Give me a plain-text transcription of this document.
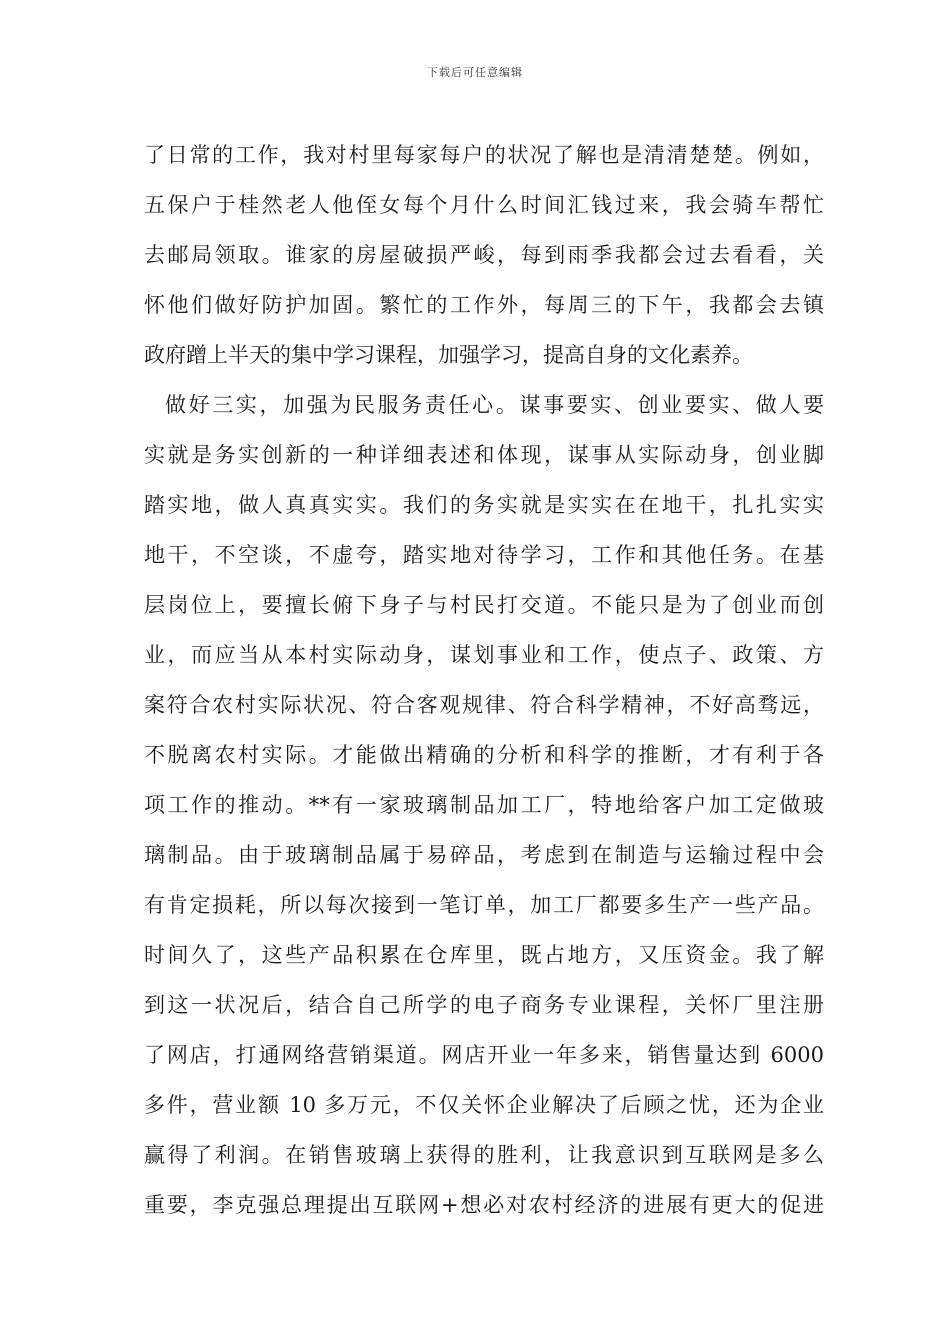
下载后可任意编辑
了日常的工作，我对村里每家每户的状况了解也是清清楚楚。例如，
五保户于桂然老人他侄女每个月什么时间汇钱过来，我会骑车帮忙
去邮局领取。谁家的房屋破损严峻，每到雨季我都会过去看看，关
怀他们做好防护加固。繁忙的工作外，每周三的下午，我都会去镇
政府蹭上半天的集中学习课程，加强学习，提高自身的文化素养。
做好三实，加强为民服务责任心。谋事要实、创业要实、做人要
实就是务实创新的一种详细表述和体现，谋事从实际动身，创业脚
踏实地，做人真真实实。我们的务实就是实实在在地干，扎扎实实
地干，不空谈，不虚夸，踏实地对待学习，工作和其他任务。在基
层岗位上，要擅长俯下身子与村民打交道。不能只是为了创业而创
业，而应当从本村实际动身，谋划事业和工作，使点子、政策、方
案符合农村实际状况、符合客观规律、符合科学精神，不好高骛远，
不脱离农村实际。才能做出精确的分析和科学的推断，才有利于各
项工作的推动。**有一家玻璃制品加工厂，特地给客户加工定做玻
璃制品。由于玻璃制品属于易碎品，考虑到在制造与运输过程中会
有肯定损耗，所以每次接到一笔订单，加工厂都要多生产一些产品。
时间久了，这些产品积累在仓库里，既占地方，又压资金。我了解
到这一状况后，结合自己所学的电子商务专业课程，关怀厂里注册
了网店，打通网络营销渠道。网店开业一年多来，销售量达到 6000
多件，营业额 10 多万元，不仅关怀企业解决了后顾之忧，还为企业
赢得了利润。在销售玻璃上获得的胜利，让我意识到互联网是多么
重要，李克强总理提出互联网+想必对农村经济的进展有更大的促进
